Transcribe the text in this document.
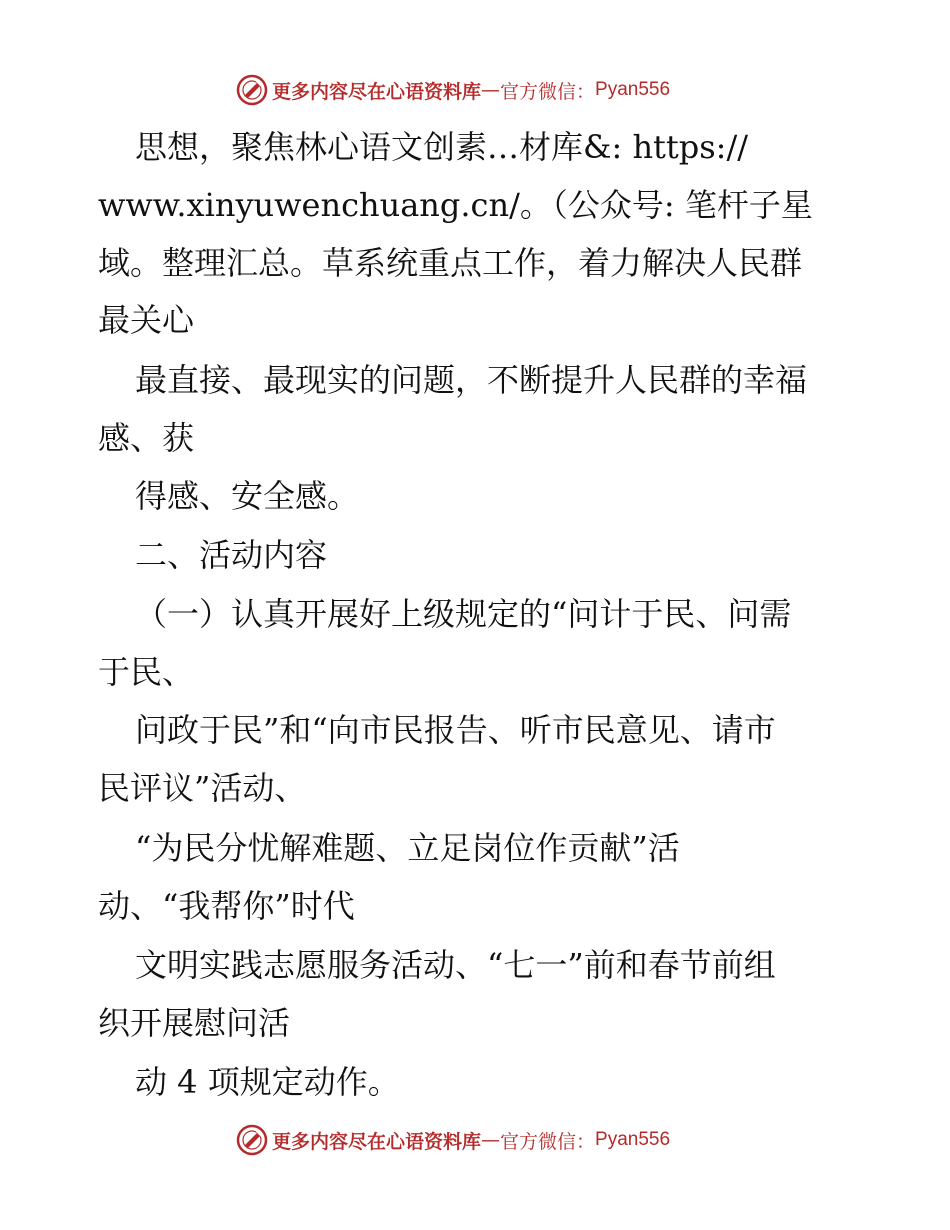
更多内容尽在心语资料库 — 官方微信： Pyan556
思想，聚焦林心语文创素…材库&: https://
www.xinyuwenchuang.cn/。（公众号: 笔杆子星
域。整理汇总。草系统重点工作，着力解决人民群
最关心
最直接、最现实的问题，不断提升人民群的幸福
感、获
得感、安全感。
二、活动内容
（一）认真开展好上级规定的“问计于民、问需
于民、
问政于民”和“向市民报告、听市民意见、请市
民评议”活动、
“为民分忧解难题、立足岗位作贡献”活
动、“我帮你”时代
文明实践志愿服务活动、“七一”前和春节前组
织开展慰问活
动 4 项规定动作。
更多内容尽在心语资料库 — 官方微信： Pyan556
